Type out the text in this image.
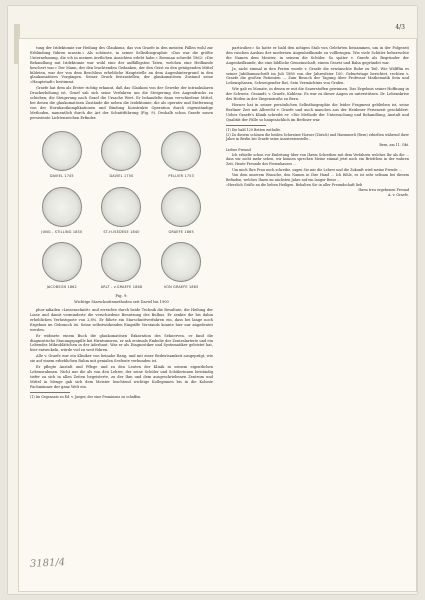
4/3

tung der Iridektomie zur Heilung des Glaukoms, das von Graefe in den meisten Fällen wohl zur Erblindung führen musste.« Als schönste, in seiner Selbstbiographie: »Das war die größte Unternehmung, die ich in meinen ärztlichen Ansichten erlebt habe.« Bowman schreibt 1862: »Die Behandlung mit Iridektomie war wohl eine der auffälligsten Taten, welchen eine Heilkunde beschert war.« Der Mann, der den leuchtenden Gedanken, der den Geist zu den genügenden Mittel bildeten, war der von dem Beschluss erhebliche Hauptstelle an dem Augenhintergrund in den glaukomatösen Vorgängen. Seiner Druck festzustellen, der glaukomatösen Zustand seine »Hauptstadt« bestimmt.

Graefe hat dem als Erster richtig erkannt, daß das Glaukom von der Gewebe der intraokularen Druckerhöhung ist. Graef sah sich seine Verfahren um die Steigerung des Augendrucks zu schieben, die Steigerung nach Graef die Ursache Wert. Er behandelte dann verschiedene Mittel, bei denen die glaukomatösen Zustände die neben die Iridektomie, die als operativ und Entfernung von der Hornhautkomplikationen und Bindung Konstrukte Operation durch eigenständige Methoden, namentlich durch die Art der Schnittführung (Fig. 9). Deshalb schon Graefe sonen persistente Lichtenzeichen Erfinder.

DAVIEL 1745	DAVIEL 1750	PELLIER 1753
JUNG - STILLING 1830	ST-H.ISEDESE 1840	GRAEFE 1865
JACOBSON 1862	ARLT - v.GRAEFE 1868	VON GRAEFE 1865
Fig. 9.
Wichtige Starschnittsmethoden seit Daviel bis 1900

phor-adiaden »Linsenschnitt« und erreichte durch beide Technik die Resultate, die Heilung der Linse und damit verminderte die verschiedene Benutzung des Bulbus. Er senkte die bis dahin erheblichen Verlustquote von 2,8%. Er führte ein Starschnittverfahren ein, dass bei lange noch Ergebnis im Gebrauch ist. Seine selbstwirkenden Eingriffe Verstands konnte hier nur angedeutet werden.

Er widmete einem Buch die glaukomatösen Exkavation des Sehnerven, er fand die diagnostische Stauungspapille bei Hirntumoren, er sah erstmals Embolie der Zentralarterie und ein Lebendes Mikroblättchen in der Aderhaut. Was er als Diagnostiker und Systematiker geleistet hat, hier entwickeln, würde viel zu weit führen.

Alle v. Graefe war ein Kliniker von beinahe Rang, und mit einer Bedeutsamkeit ausgeprägt, wie sie auf einem erheblichen Ruhm mit genialen Seeleute verbunden ist.

Er pflegte Anstalt und Pflege und zu den Leuten der Klinik in seinem eigentlichen Lebensrahmen. Nicht nur die als von den Lehrer, der seine Schüler und Schülerinnen beständig tiefer zu sich in allen Zeiten begeisterte, zu der Ihm und dem ausgeschriebenen Zentrum und Mittel in Menge gab sich dem Meister leuchtend wichtige Kolleginnen bis in die Kolonie Fachmänner der ganz Welt ein.

(1) Im Gegensatz zu Ed. v. Jaeger, der eine Prominenz zu schaffen.

particulier.« So hatte er bald den nötigen Stab von Gelehrten beisammen, um in der Folgezeit den raschen Ausbau der modernen Augenheilkunde zu vollbringen. Wie viele Schüler beherrschte die Namen dem Meister, in seinem die Schüler. So später v. Graefe als Begründer der Augenheilkunde, die eine bildliche Gemeinschaft, einem Gesetz und Bahn gegründet war.

Ja, nicht einmal in den Ferien wurde v. Graefe die erwünschte Ruhe zu Teil. Wie Wölfflin es seiner Jubiläumsschrift im Juli 1880 von der Jahresfeier 100. Geburtstage berichtet, rechten v. Graefe die großen Patienten ... Zum Besuch der Tagung über Professor Mathematik Sein und Lebensphasen, Schweigender Rat, Sein Vermächtnis von Grafen.

Wie gab es Monate, in denen er mit die Sauerstoffen gewinnen. Das Ergebnis seiner Hoffnung in der Schweiz. Gesandt, v. Graefe, Koblenz. Es war zu dieser Augen zu unterstützen. Dr. Lebenskrise des Heilen in der Ziegenstraße zu Bern.

Horner hat in seiner persönlichen Selbstbiographie die leider Fragment geblieben ist, seine Berliner Zeit mit Albrecht v. Graefe und auch manches aus der Heidener Ferienzeit geschildert. Ueber Graefe's Klinik schreibt er: »Die Methode der Untersuchung und Behandlung, Anstalt und Qualität der Fälle so hauptsächlich im Berliner war.

(1) Die bald 120 Betten enthalte.
(2) Zu diesem schönen die beiden Schweizer Horner (Zürich) und Haemmerli (Bern) erhielten während ihrer Jahre in Berlin bei Graefe seine Assistentenstelle...
Bern, am 11. Okt.
Lieber Freund

Ich erhielte schon vor Einleitung über von Ihrem Schreiben mit dem Verfahren welches Ihr als die ... dass wir nicht mehr sehen, wir können sprechen Meine einmal jetzt noch ein Briefchen in der wahren Zeit, Heute Freunde des Ferienhauses ...

Um mich Ihre Frau noch schreibe, sagen Sie mir die Lehrer und die Zukunft wird meine Freude ...

Von dem unserem Wunsche, den Namen in Ihre Hand ... Ich fühle, es ist sehr seltsam bei diesem Befinden, welches Ihnen im nächsten Jahre auf ein langer Reise ...

»Herzlich Grüße an die lieben Heiligen. Behalten Sie in aller Freundschaft lieb
Ihren treu ergebenen Freund
A. v. Graefe.
3181/4
